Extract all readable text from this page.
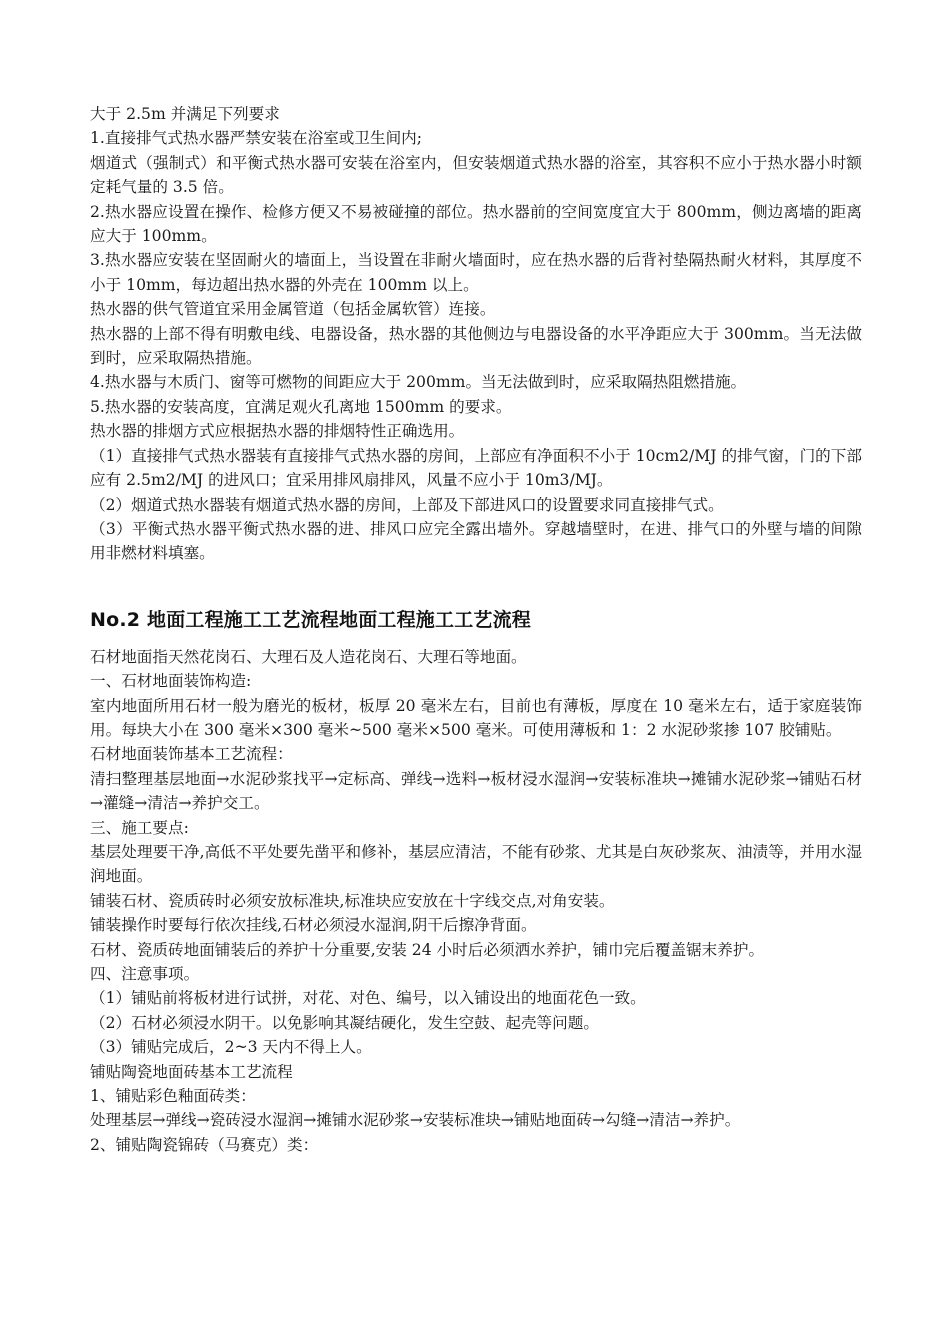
大于 2.5m 并满足下列要求

1.直接排气式热水器严禁安装在浴室或卫生间内;

烟道式（强制式）和平衡式热水器可安装在浴室内，但安装烟道式热水器的浴室，其容积不应小于热水器小时额定耗气量的 3.5 倍。

2.热水器应设置在操作、检修方便又不易被碰撞的部位。热水器前的空间宽度宜大于 800mm，侧边离墙的距离应大于 100mm。

3.热水器应安装在坚固耐火的墙面上，当设置在非耐火墙面时，应在热水器的后背衬垫隔热耐火材料，其厚度不小于 10mm，每边超出热水器的外壳在 100mm 以上。

热水器的供气管道宜采用金属管道（包括金属软管）连接。

热水器的上部不得有明敷电线、电器设备，热水器的其他侧边与电器设备的水平净距应大于 300mm。当无法做到时，应采取隔热措施。

4.热水器与木质门、窗等可燃物的间距应大于 200mm。当无法做到时，应采取隔热阻燃措施。

5.热水器的安装高度，宜满足观火孔离地 1500mm 的要求。

热水器的排烟方式应根据热水器的排烟特性正确选用。

（1）直接排气式热水器装有直接排气式热水器的房间，上部应有净面积不小于 10cm2/MJ 的排气窗，门的下部应有 2.5m2/MJ 的进风口；宜采用排风扇排风，风量不应小于 10m3/MJ。

（2）烟道式热水器装有烟道式热水器的房间，上部及下部进风口的设置要求同直接排气式。

（3）平衡式热水器平衡式热水器的进、排风口应完全露出墙外。穿越墙壁时，在进、排气口的外壁与墙的间隙用非燃材料填塞。

No.2 地面工程施工工艺流程地面工程施工工艺流程

石材地面指天然花岗石、大理石及人造花岗石、大理石等地面。

一、石材地面装饰构造:

室内地面所用石材一般为磨光的板材，板厚 20 毫米左右，目前也有薄板，厚度在 10 毫米左右，适于家庭装饰用。每块大小在 300 毫米×300 毫米~500 毫米×500 毫米。可使用薄板和 1：2 水泥砂浆掺 107 胶铺贴。

石材地面装饰基本工艺流程：

清扫整理基层地面→水泥砂浆找平→定标高、弹线→选料→板材浸水湿润→安装标准块→摊铺水泥砂浆→铺贴石材→灌缝→清洁→养护交工。

三、施工要点:

基层处理要干净,高低不平处要先凿平和修补，基层应清洁，不能有砂浆、尤其是白灰砂浆灰、油渍等，并用水湿润地面。

铺装石材、瓷质砖时必须安放标准块,标准块应安放在十字线交点,对角安装。

铺装操作时要每行依次挂线,石材必须浸水湿润,阴干后擦净背面。

石材、瓷质砖地面铺装后的养护十分重要,安装 24 小时后必须洒水养护，铺巾完后覆盖锯末养护。

四、注意事项。

（1）铺贴前将板材进行试拼，对花、对色、编号，以入铺设出的地面花色一致。

（2）石材必须浸水阴干。以免影响其凝结硬化，发生空鼓、起壳等问题。

（3）铺贴完成后，2~3 天内不得上人。

铺贴陶瓷地面砖基本工艺流程

1、铺贴彩色釉面砖类：

处理基层→弹线→瓷砖浸水湿润→摊铺水泥砂浆→安装标准块→铺贴地面砖→勾缝→清洁→养护。

2、铺贴陶瓷锦砖（马赛克）类：
